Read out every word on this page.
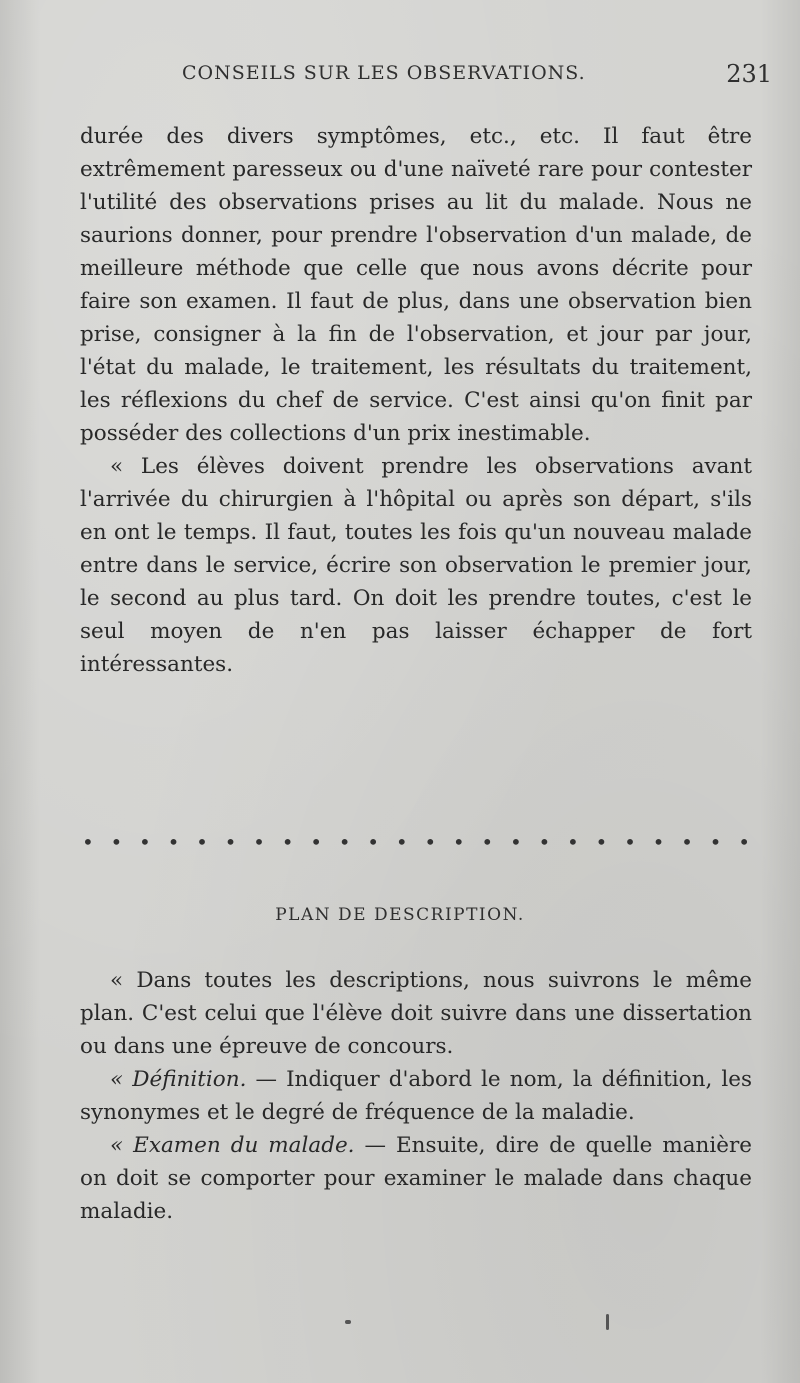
CONSEILS SUR LES OBSERVATIONS.	231

durée des divers symptômes, etc., etc. Il faut être extrêmement paresseux ou d'une naïveté rare pour contester l'utilité des observations prises au lit du malade. Nous ne saurions donner, pour prendre l'observation d'un malade, de meilleure méthode que celle que nous avons décrite pour faire son examen. Il faut de plus, dans une observation bien prise, consigner à la fin de l'observation, et jour par jour, l'état du malade, le traitement, les résultats du traitement, les réflexions du chef de service. C'est ainsi qu'on finit par posséder des collections d'un prix inestimable.

« Les élèves doivent prendre les observations avant l'arrivée du chirurgien à l'hôpital ou après son départ, s'ils en ont le temps. Il faut, toutes les fois qu'un nouveau malade entre dans le service, écrire son observation le premier jour, le second au plus tard. On doit les prendre toutes, c'est le seul moyen de n'en pas laisser échapper de fort intéressantes.

• • • • • • • • • • • • • • • • • • • • • • • •
PLAN DE DESCRIPTION.

« Dans toutes les descriptions, nous suivrons le même plan. C'est celui que l'élève doit suivre dans une dissertation ou dans une épreuve de concours.

« Définition. — Indiquer d'abord le nom, la définition, les synonymes et le degré de fréquence de la maladie.

« Examen du malade. — Ensuite, dire de quelle manière on doit se comporter pour examiner le malade dans chaque maladie.
